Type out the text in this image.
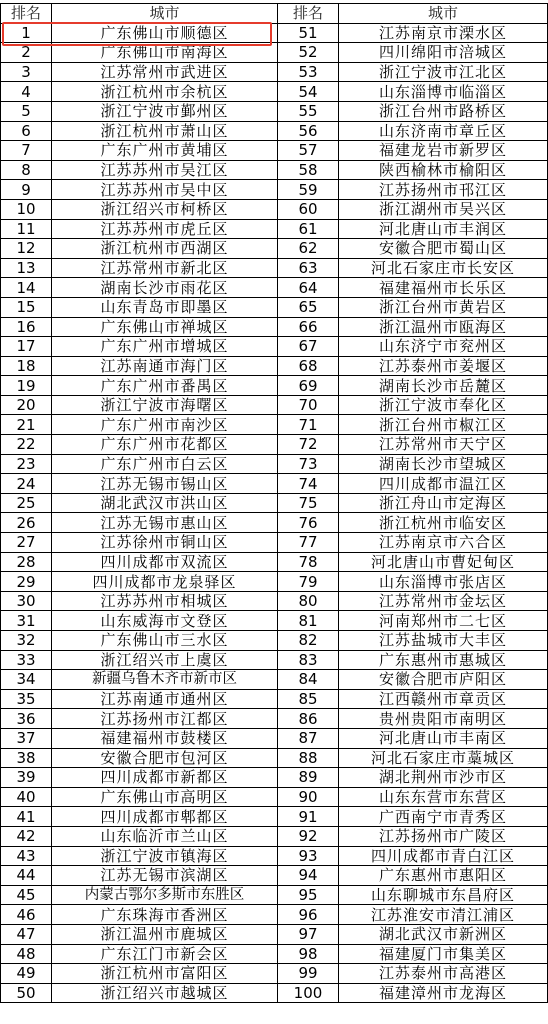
排名	城市	排名	城市
1	广东佛山市顺德区	51	江苏南京市溧水区
2	广东佛山市南海区	52	四川绵阳市涪城区
3	江苏常州市武进区	53	浙江宁波市江北区
4	浙江杭州市余杭区	54	山东淄博市临淄区
5	浙江宁波市鄞州区	55	浙江台州市路桥区
6	浙江杭州市萧山区	56	山东济南市章丘区
7	广东广州市黄埔区	57	福建龙岩市新罗区
8	江苏苏州市吴江区	58	陕西榆林市榆阳区
9	江苏苏州市吴中区	59	江苏扬州市邗江区
10	浙江绍兴市柯桥区	60	浙江湖州市吴兴区
11	江苏苏州市虎丘区	61	河北唐山市丰润区
12	浙江杭州市西湖区	62	安徽合肥市蜀山区
13	江苏常州市新北区	63	河北石家庄市长安区
14	湖南长沙市雨花区	64	福建福州市长乐区
15	山东青岛市即墨区	65	浙江台州市黄岩区
16	广东佛山市禅城区	66	浙江温州市瓯海区
17	广东广州市增城区	67	山东济宁市兖州区
18	江苏南通市海门区	68	江苏泰州市姜堰区
19	广东广州市番禺区	69	湖南长沙市岳麓区
20	浙江宁波市海曙区	70	浙江宁波市奉化区
21	广东广州市南沙区	71	浙江台州市椒江区
22	广东广州市花都区	72	江苏常州市天宁区
23	广东广州市白云区	73	湖南长沙市望城区
24	江苏无锡市锡山区	74	四川成都市温江区
25	湖北武汉市洪山区	75	浙江舟山市定海区
26	江苏无锡市惠山区	76	浙江杭州市临安区
27	江苏徐州市铜山区	77	江苏南京市六合区
28	四川成都市双流区	78	河北唐山市曹妃甸区
29	四川成都市龙泉驿区	79	山东淄博市张店区
30	江苏苏州市相城区	80	江苏常州市金坛区
31	山东威海市文登区	81	河南郑州市二七区
32	广东佛山市三水区	82	江苏盐城市大丰区
33	浙江绍兴市上虞区	83	广东惠州市惠城区
34	新疆乌鲁木齐市新市区	84	安徽合肥市庐阳区
35	江苏南通市通州区	85	江西赣州市章贡区
36	江苏扬州市江都区	86	贵州贵阳市南明区
37	福建福州市鼓楼区	87	河北唐山市丰南区
38	安徽合肥市包河区	88	河北石家庄市藁城区
39	四川成都市新都区	89	湖北荆州市沙市区
40	广东佛山市高明区	90	山东东营市东营区
41	四川成都市郫都区	91	广西南宁市青秀区
42	山东临沂市兰山区	92	江苏扬州市广陵区
43	浙江宁波市镇海区	93	四川成都市青白江区
44	江苏无锡市滨湖区	94	广东惠州市惠阳区
45	内蒙古鄂尔多斯市东胜区	95	山东聊城市东昌府区
46	广东珠海市香洲区	96	江苏淮安市清江浦区
47	浙江温州市鹿城区	97	湖北武汉市新洲区
48	广东江门市新会区	98	福建厦门市集美区
49	浙江杭州市富阳区	99	江苏泰州市高港区
50	浙江绍兴市越城区	100	福建漳州市龙海区
